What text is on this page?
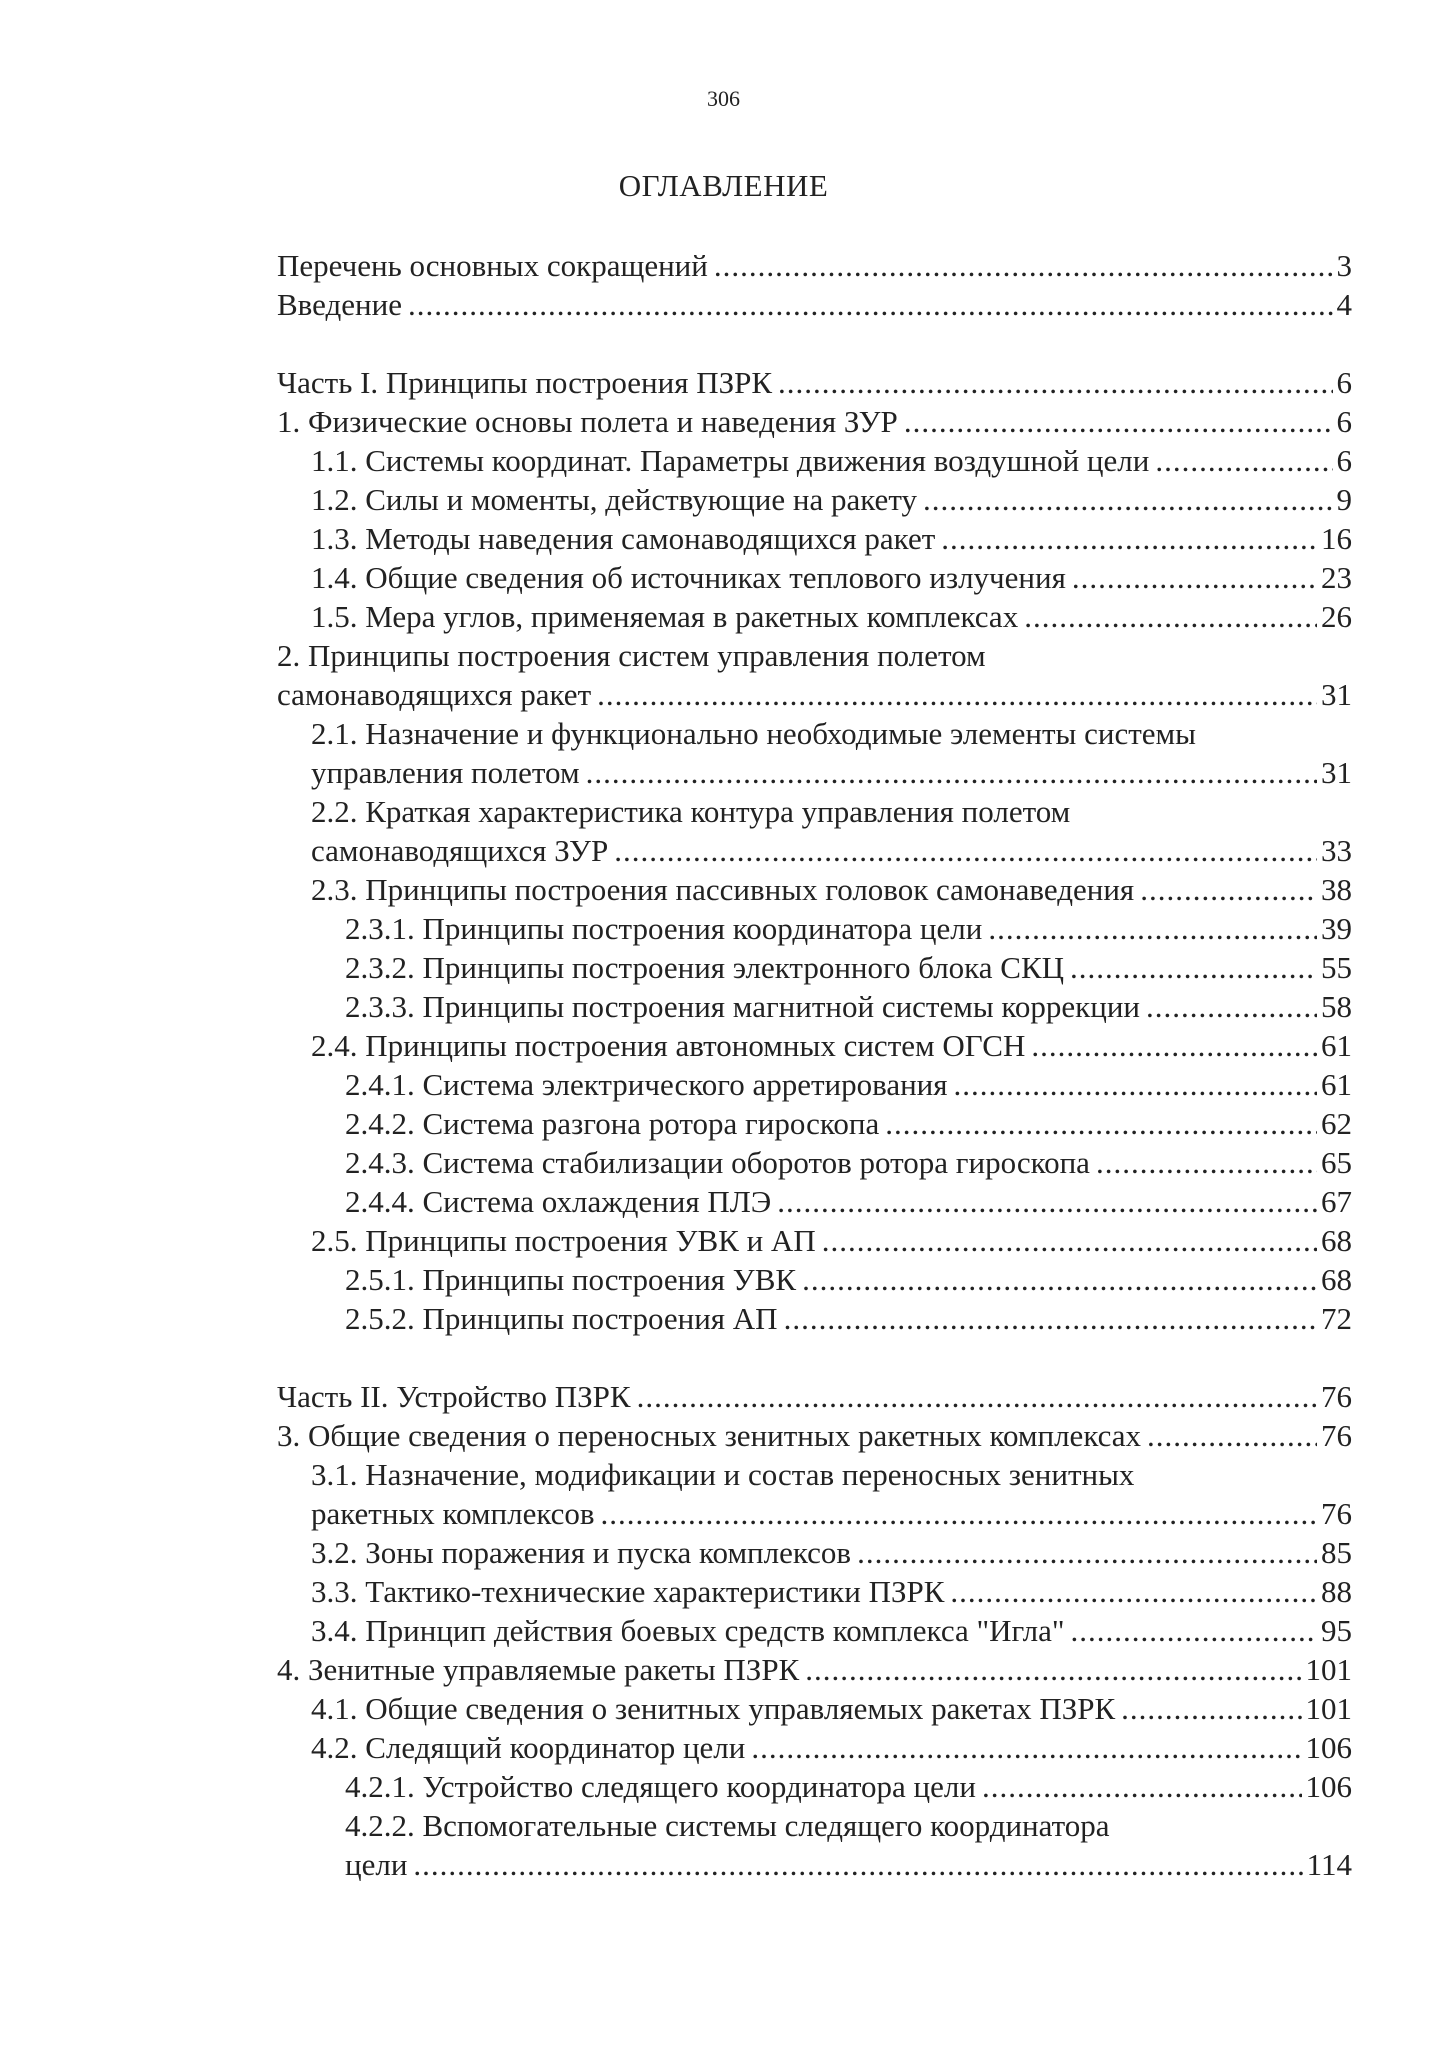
306
ОГЛАВЛЕНИЕ
Перечень основных сокращений .....	3
Введение .....	4
Часть I. Принципы построения ПЗРК .....	6
1. Физические основы полета и наведения ЗУР .....	6
1.1. Системы координат. Параметры движения воздушной цели .....	6
1.2. Силы и моменты, действующие на ракету .....	9
1.3. Методы наведения самонаводящихся ракет .....	16
1.4. Общие сведения об источниках теплового излучения .....	23
1.5. Мера углов, применяемая в ракетных комплексах .....	26
2. Принципы построения систем управления полетом
самонаводящихся ракет .....	31
2.1. Назначение и функционально необходимые элементы системы
управления полетом .....	31
2.2. Краткая характеристика контура управления полетом
самонаводящихся ЗУР .....	33
2.3. Принципы построения пассивных головок самонаведения .....	38
2.3.1. Принципы построения координатора цели .....	39
2.3.2. Принципы построения электронного блока СКЦ .....	55
2.3.3. Принципы построения магнитной системы коррекции .....	58
2.4. Принципы построения автономных систем ОГСН .....	61
2.4.1. Система электрического арретирования .....	61
2.4.2. Система разгона ротора гироскопа .....	62
2.4.3. Система стабилизации оборотов ротора гироскопа .....	65
2.4.4. Система охлаждения ПЛЭ .....	67
2.5. Принципы построения УВК и АП .....	68
2.5.1. Принципы построения УВК .....	68
2.5.2. Принципы построения АП .....	72
Часть II. Устройство ПЗРК .....	76
3. Общие сведения о переносных зенитных ракетных комплексах .....	76
3.1. Назначение, модификации и состав переносных зенитных
ракетных комплексов .....	76
3.2. Зоны поражения и пуска комплексов .....	85
3.3. Тактико-техничеcкие характеристики ПЗРК .....	88
3.4. Принцип действия боевых средств комплекса "Игла" .....	95
4. Зенитные управляемые ракеты ПЗРК .....	101
4.1. Общие сведения о зенитных управляемых ракетах ПЗРК .....	101
4.2. Следящий координатор цели .....	106
4.2.1. Устройство следящего координатора цели .....	106
4.2.2. Вспомогательные системы следящего координатора
цели .....	114
